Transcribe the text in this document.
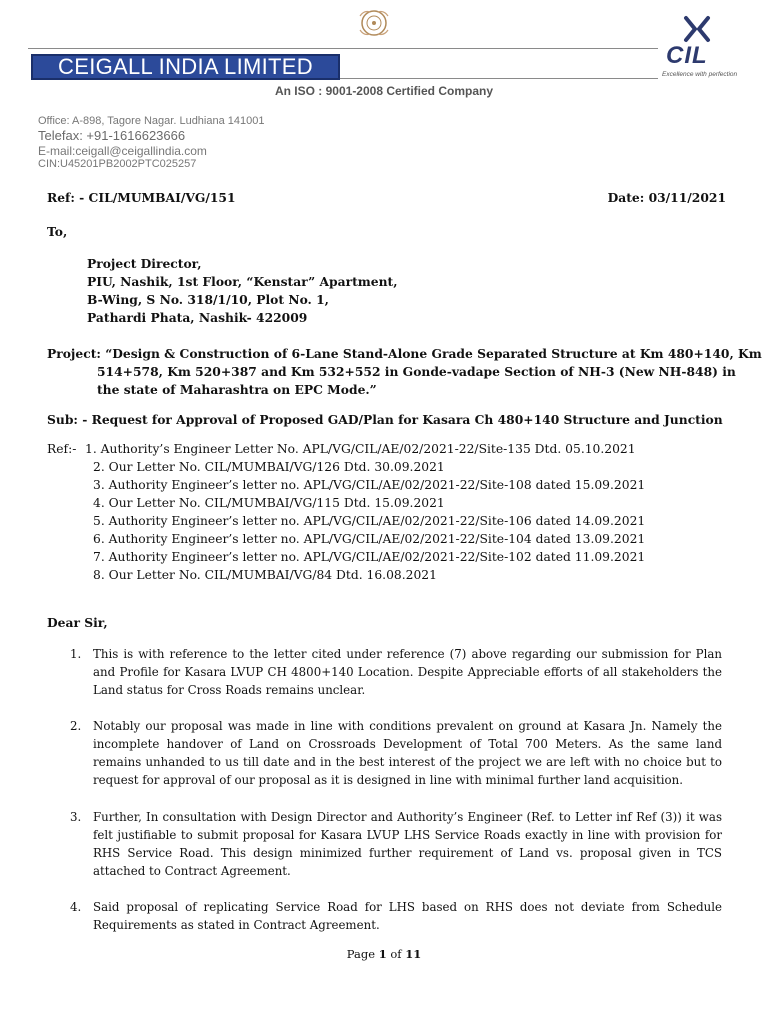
CEIGALL INDIA LIMITED	CIL
Excellence with perfection
An ISO : 9001-2008 Certified Company
Office: A-898, Tagore Nagar. Ludhiana 141001
Telefax: +91-1616623666
E-mail:ceigall@ceigallindia.com
CIN:U45201PB2002PTC025257
Ref: - CIL/MUMBAI/VG/151	Date: 03/11/2021
To,
Project Director,
PIU, Nashik, 1st Floor, “Kenstar” Apartment,
B-Wing, S No. 318/1/10, Plot No. 1,
Pathardi Phata, Nashik- 422009
Project: “Design & Construction of 6-Lane Stand-Alone Grade Separated Structure at Km 480+140, Km
514+578, Km 520+387 and Km 532+552 in Gonde-vadape Section of NH-3 (New NH-848) in
the state of Maharashtra on EPC Mode.”
Sub: - Request for Approval of Proposed GAD/Plan for Kasara Ch 480+140 Structure and Junction
Ref:- 1. Authority’s Engineer Letter No. APL/VG/CIL/AE/02/2021-22/Site-135 Dtd. 05.10.2021
2. Our Letter No. CIL/MUMBAI/VG/126 Dtd. 30.09.2021
3. Authority Engineer’s letter no. APL/VG/CIL/AE/02/2021-22/Site-108 dated 15.09.2021
4. Our Letter No. CIL/MUMBAI/VG/115 Dtd. 15.09.2021
5. Authority Engineer’s letter no. APL/VG/CIL/AE/02/2021-22/Site-106 dated 14.09.2021
6. Authority Engineer’s letter no. APL/VG/CIL/AE/02/2021-22/Site-104 dated 13.09.2021
7. Authority Engineer’s letter no. APL/VG/CIL/AE/02/2021-22/Site-102 dated 11.09.2021
8. Our Letter No. CIL/MUMBAI/VG/84 Dtd. 16.08.2021
Dear Sir,
1. This is with reference to the letter cited under reference (7) above regarding our submission for Plan and Profile for Kasara LVUP CH 4800+140 Location. Despite Appreciable efforts of all stakeholders the Land status for Cross Roads remains unclear.
2. Notably our proposal was made in line with conditions prevalent on ground at Kasara Jn. Namely the incomplete handover of Land on Crossroads Development of Total 700 Meters. As the same land remains unhanded to us till date and in the best interest of the project we are left with no choice but to request for approval of our proposal as it is designed in line with minimal further land acquisition.
3. Further, In consultation with Design Director and Authority’s Engineer (Ref. to Letter inf Ref (3)) it was felt justifiable to submit proposal for Kasara LVUP LHS Service Roads exactly in line with provision for RHS Service Road. This design minimized further requirement of Land vs. proposal given in TCS attached to Contract Agreement.
4. Said proposal of replicating Service Road for LHS based on RHS does not deviate from Schedule Requirements as stated in Contract Agreement.
Page 1 of 11
